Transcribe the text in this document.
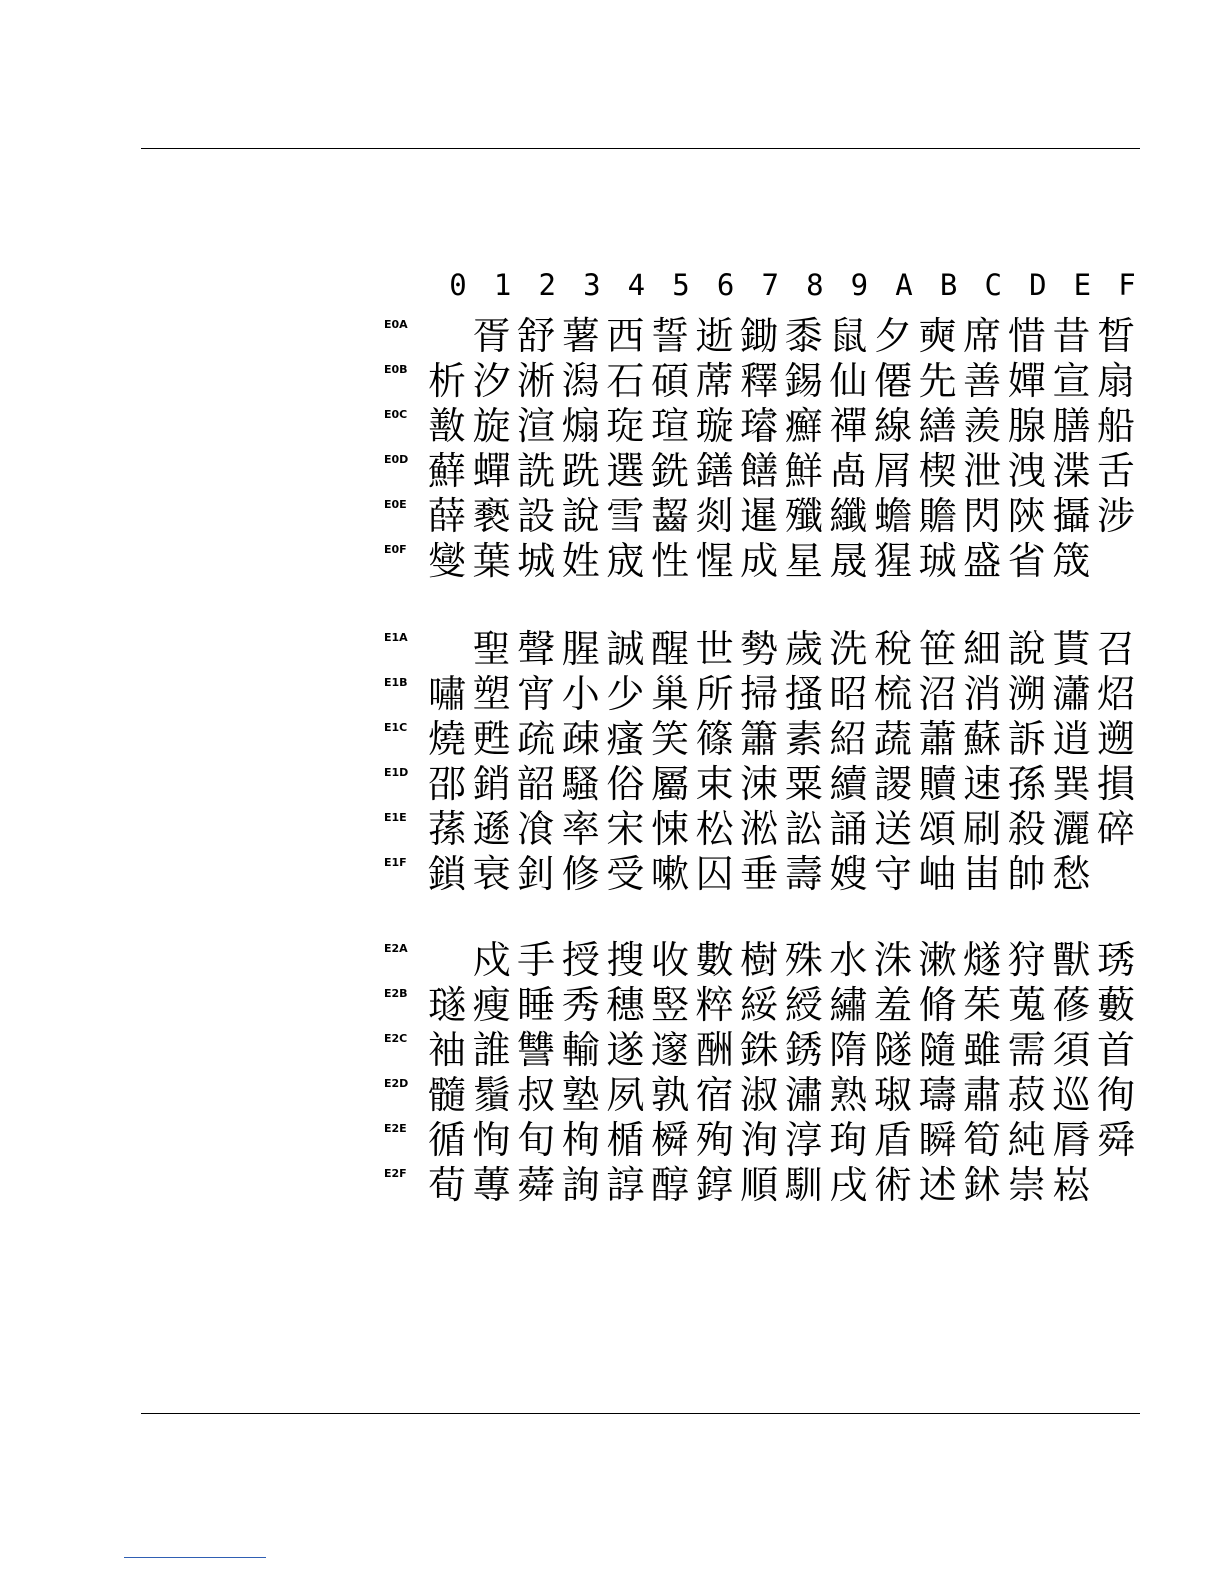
0 1 2 3 4 5 6 7 8 9 A B C D E F
E0A 胥 舒 薯 西 誓 逝 鋤 黍 鼠 夕 奭 席 惜 昔 晳
E0B 析 汐 淅 潟 石 碩 蓆 釋 錫 仙 僊 先 善 嬋 宣 扇
E0C 敾 旋 渲 煽 琁 瑄 璇 璿 癬 禪 線 繕 羨 腺 膳 船
E0D 蘚 蟬 詵 跣 選 銑 鐥 饍 鮮 卨 屑 楔 泄 洩 渫 舌
E0E 薛 褻 設 說 雪 齧 剡 暹 殲 纖 蟾 贍 閃 陝 攝 涉
E0F 燮 葉 城 姓 宬 性 惺 成 星 晟 猩 珹 盛 省 筬
E1A 聖 聲 腥 誠 醒 世 勢 歲 洗 稅 笹 細 說 貰 召
E1B 嘯 塑 宵 小 少 巢 所 掃 搔 昭 梳 沼 消 溯 瀟 炤
E1C 燒 甦 疏 疎 瘙 笑 篠 簫 素 紹 蔬 蕭 蘇 訴 逍 遡
E1D 邵 銷 韶 騷 俗 屬 束 涑 粟 續 謖 贖 速 孫 巽 損
E1E 蓀 遜 飡 率 宋 悚 松 淞 訟 誦 送 頌 刷 殺 灑 碎
E1F 鎖 衰 釗 修 受 嗽 囚 垂 壽 嫂 守 岫 峀 帥 愁
E2A 戍 手 授 搜 收 數 樹 殊 水 洙 漱 燧 狩 獸 琇
E2B 璲 瘦 睡 秀 穗 竪 粹 綏 綬 繡 羞 脩 茱 蒐 蓚 藪
E2C 袖 誰 讐 輸 遂 邃 酬 銖 銹 隋 隧 隨 雖 需 須 首
E2D 髓 鬚 叔 塾 夙 孰 宿 淑 潚 熟 琡 璹 肅 菽 巡 徇
E2E 循 恂 旬 栒 楯 橓 殉 洵 淳 珣 盾 瞬 筍 純 脣 舜
E2F 荀 蓴 蕣 詢 諄 醇 錞 順 馴 戌 術 述 鉥 崇 崧
